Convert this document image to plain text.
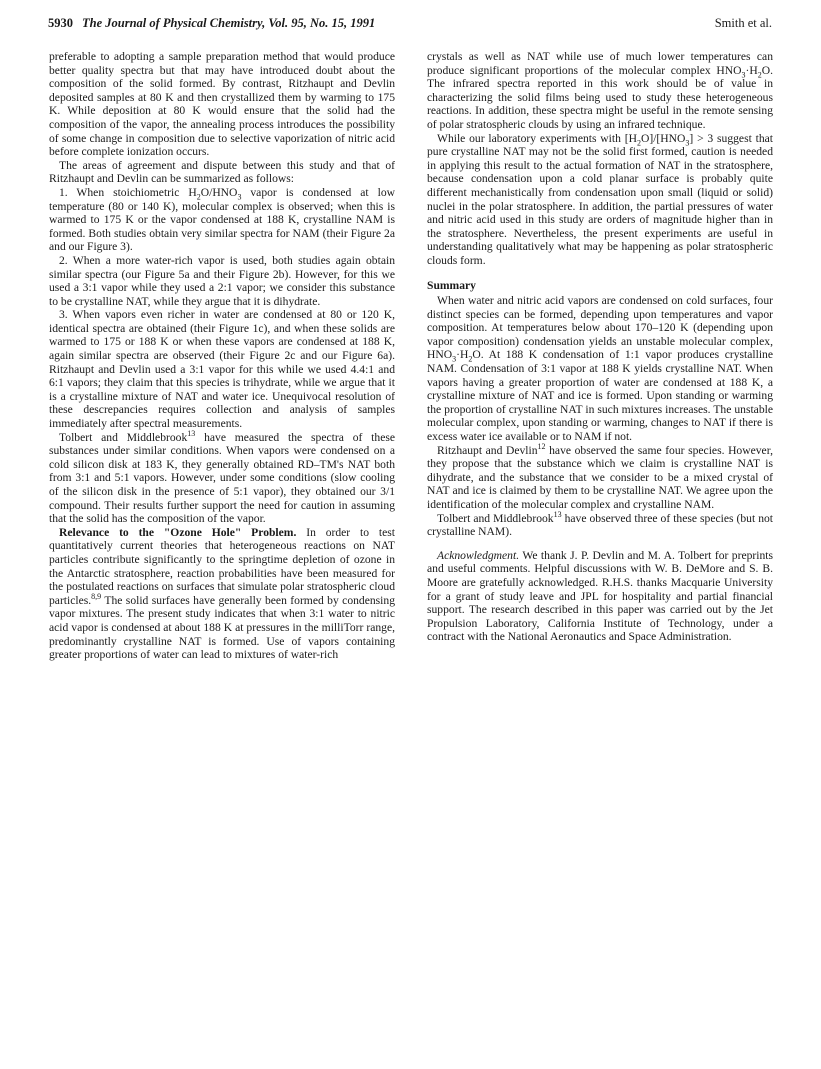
5930 The Journal of Physical Chemistry, Vol. 95, No. 15, 1991	Smith et al.

preferable to adopting a sample preparation method that would produce better quality spectra but that may have introduced doubt about the composition of the solid formed. By contrast, Ritzhaupt and Devlin deposited samples at 80 K and then crystallized them by warming to 175 K. While deposition at 80 K would ensure that the solid had the composition of the vapor, the annealing process introduces the possibility of some change in composition due to selective vaporization of nitric acid before complete ionization occurs.

The areas of agreement and dispute between this study and that of Ritzhaupt and Devlin can be summarized as follows:

1. When stoichiometric $H_2O/HNO_3$ vapor is condensed at low temperature (80 or 140 K), molecular complex is observed; when this is warmed to 175 K or the vapor condensed at 188 K, crystalline NAM is formed. Both studies obtain very similar spectra for NAM (their Figure 2a and our Figure 3).

2. When a more water-rich vapor is used, both studies again obtain similar spectra (our Figure 5a and their Figure 2b). However, for this we used a 3:1 vapor while they used a 2:1 vapor; we consider this substance to be crystalline NAT, while they argue that it is dihydrate.

3. When vapors even richer in water are condensed at 80 or 120 K, identical spectra are obtained (their Figure 1c), and when these solids are warmed to 175 or 188 K or when these vapors are condensed at 188 K, again similar spectra are observed (their Figure 2c and our Figure 6a). Ritzhaupt and Devlin used a 3:1 vapor for this while we used 4.4:1 and 6:1 vapors; they claim that this species is trihydrate, while we argue that it is a crystalline mixture of NAT and water ice. Unequivocal resolution of these descrepancies requires collection and analysis of samples immediately after spectral measurements.

Tolbert and Middlebrook$^{13}$ have measured the spectra of these substances under similar conditions. When vapors were condensed on a cold silicon disk at 183 K, they generally obtained RD–TM's NAT both from 3:1 and 5:1 vapors. However, under some conditions (slow cooling of the silicon disk in the presence of 5:1 vapor), they obtained our 3/1 compound. Their results further support the need for caution in assuming that the solid has the composition of the vapor.

Relevance to the "Ozone Hole" Problem. In order to test quantitatively current theories that heterogeneous reactions on NAT particles contribute significantly to the springtime depletion of ozone in the Antarctic stratosphere, reaction probabilities have been measured for the postulated reactions on surfaces that simulate polar stratospheric cloud particles.$^{8,9}$ The solid surfaces have generally been formed by condensing vapor mixtures. The present study indicates that when 3:1 water to nitric acid vapor is condensed at about 188 K at pressures in the milliTorr range, predominantly crystalline NAT is formed. Use of vapors containing greater proportions of water can lead to mixtures of water-rich

crystals as well as NAT while use of much lower temperatures can produce significant proportions of the molecular complex $HNO_3\cdot H_2O$. The infrared spectra reported in this work should be of value in characterizing the solid films being used to study these heterogeneous reactions. In addition, these spectra might be useful in the remote sensing of polar stratospheric clouds by using an infrared technique.

While our laboratory experiments with $[H_2O]/[HNO_3] > 3$ suggest that pure crystalline NAT may not be the solid first formed, caution is needed in applying this result to the actual formation of NAT in the stratosphere, because condensation upon a cold planar surface is probably quite different mechanistically from condensation upon small (liquid or solid) nuclei in the polar stratosphere. In addition, the partial pressures of water and nitric acid used in this study are orders of magnitude higher than in the stratosphere. Nevertheless, the present experiments are useful in understanding qualitatively what may be happening as polar stratospheric clouds form.

Summary

When water and nitric acid vapors are condensed on cold surfaces, four distinct species can be formed, depending upon temperatures and vapor composition. At temperatures below about 170–120 K (depending upon vapor composition) condensation yields an unstable molecular complex, $HNO_3\cdot H_2O$. At 188 K condensation of 1:1 vapor produces crystalline NAM. Condensation of 3:1 vapor at 188 K yields crystalline NAT. When vapors having a greater proportion of water are condensed at 188 K, a crystalline mixture of NAT and ice is formed. Upon standing or warming the proportion of crystalline NAT in such mixtures increases. The unstable molecular complex, upon standing or warming, changes to NAT if there is excess water ice available or to NAM if not.

Ritzhaupt and Devlin$^{12}$ have observed the same four species. However, they propose that the substance which we claim is crystalline NAT is dihydrate, and the substance that we consider to be a mixed crystal of NAT and ice is claimed by them to be crystalline NAT. We agree upon the identification of the molecular complex and crystalline NAM.

Tolbert and Middlebrook$^{13}$ have observed three of these species (but not crystalline NAM).

Acknowledgment. We thank J. P. Devlin and M. A. Tolbert for preprints and useful comments. Helpful discussions with W. B. DeMore and S. B. Moore are gratefully acknowledged. R.H.S. thanks Macquarie University for a grant of study leave and JPL for hospitality and partial financial support. The research described in this paper was carried out by the Jet Propulsion Laboratory, California Institute of Technology, under a contract with the National Aeronautics and Space Administration.
